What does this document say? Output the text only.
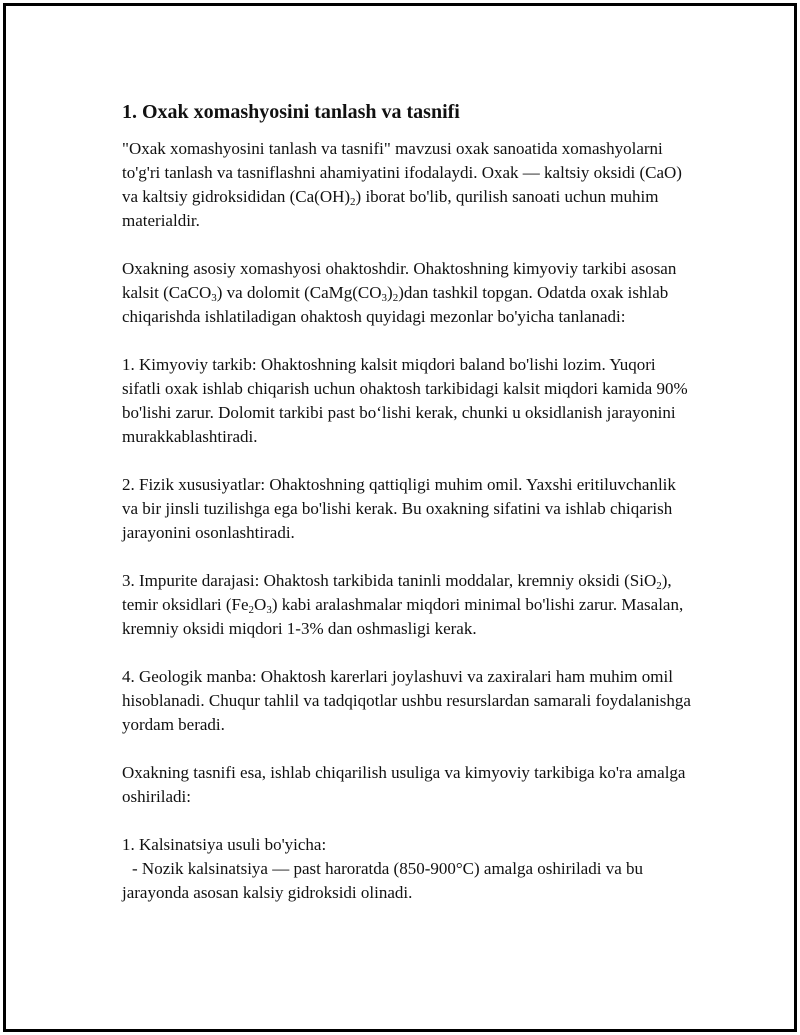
1. Oxak xomashyosini tanlash va tasnifi

"Oxak xomashyosini tanlash va tasnifi" mavzusi oxak sanoatida xomashyolarni to'g'ri tanlash va tasniflashni ahamiyatini ifodalaydi. Oxak — kaltsiy oksidi (CaO) va kaltsiy gidroksididan $(Ca(OH)_2)$ iborat bo'lib, qurilish sanoati uchun muhim materialdir.

Oxakning asosiy xomashyosi ohaktoshdir. Ohaktoshning kimyoviy tarkibi asosan kalsit (CaCO$_3$) va dolomit $(CaMg(CO_3)_2)dan$ tashkil topgan. Odatda oxak ishlab chiqarishda ishlatiladigan ohaktosh quyidagi mezonlar bo'yicha tanlanadi:

1. Kimyoviy tarkib: Ohaktoshning kalsit miqdori baland bo'lishi lozim. Yuqori sifatli oxak ishlab chiqarish uchun ohaktosh tarkibidagi kalsit miqdori kamida 90% bo'lishi zarur. Dolomit tarkibi past bo‘lishi kerak, chunki u oksidlanish jarayonini murakkablashtiradi.

2. Fizik xususiyatlar: Ohaktoshning qattiqligi muhim omil. Yaxshi eritiluvchanlik va bir jinsli tuzilishga ega bo'lishi kerak. Bu oxakning sifatini va ishlab chiqarish jarayonini osonlashtiradi.

3. Impurite darajasi: Ohaktosh tarkibida taninli moddalar, kremniy oksidi (SiO$_2$), temir oksidlari $(Fe_2O_3)$ kabi aralashmalar miqdori minimal bo'lishi zarur. Masalan, kremniy oksidi miqdori 1-3% dan oshmasligi kerak.

4. Geologik manba: Ohaktosh karerlari joylashuvi va zaxiralari ham muhim omil hisoblanadi. Chuqur tahlil va tadqiqotlar ushbu resurslardan samarali foydalanishga yordam beradi.

Oxakning tasnifi esa, ishlab chiqarilish usuliga va kimyoviy tarkibiga ko'ra amalga oshiriladi:

1. Kalsinatsiya usuli bo'yicha:

- Nozik kalsinatsiya — past haroratda (850-900°C) amalga oshiriladi va bu jarayonda asosan kalsiy gidroksidi olinadi.
